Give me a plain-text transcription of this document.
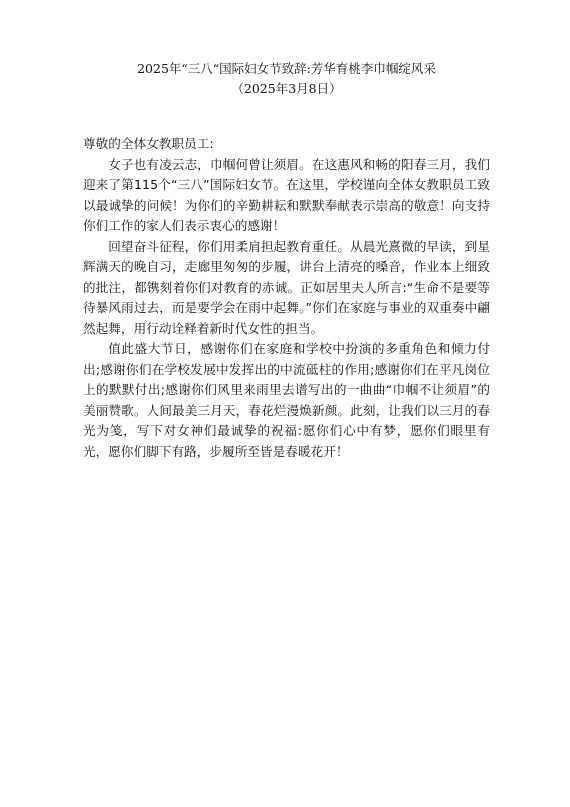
2025年“三八“国际妇女节致辞:芳华育桃李巾帼绽风采

（2025年3月8日）

尊敬的全体女教职员工:

女子也有凌云志，巾帼何曾让须眉。在这惠风和畅的阳春三月，我们迎来了第115个“三八”国际妇女节。在这里，学校谨向全体女教职员工致以最诚挚的问候！为你们的辛勤耕耘和默默奉献表示崇高的敬意！向支持你们工作的家人们表示衷心的感谢！

回望奋斗征程，你们用柔肩担起教育重任。从晨光熹微的早读，到星辉满天的晚自习，走廊里匆匆的步履，讲台上清亮的嗓音，作业本上细致的批注，都镌刻着你们对教育的赤诚。正如居里夫人所言:“生命不是要等待暴风雨过去，而是要学会在雨中起舞。”你们在家庭与事业的双重奏中翩然起舞，用行动诠释着新时代女性的担当。

值此盛大节日，感谢你们在家庭和学校中扮演的多重角色和倾力付出;感谢你们在学校发展中发挥出的中流砥柱的作用;感谢你们在平凡岗位上的默默付出;感谢你们风里来雨里去谱写出的一曲曲“巾帼不让须眉”的美丽赞歌。人间最美三月天，春花烂漫焕新颜。此刻，让我们以三月的春光为笺，写下对女神们最诚挚的祝福:愿你们心中有梦，愿你们眼里有光，愿你们脚下有路，步履所至皆是春暖花开！
